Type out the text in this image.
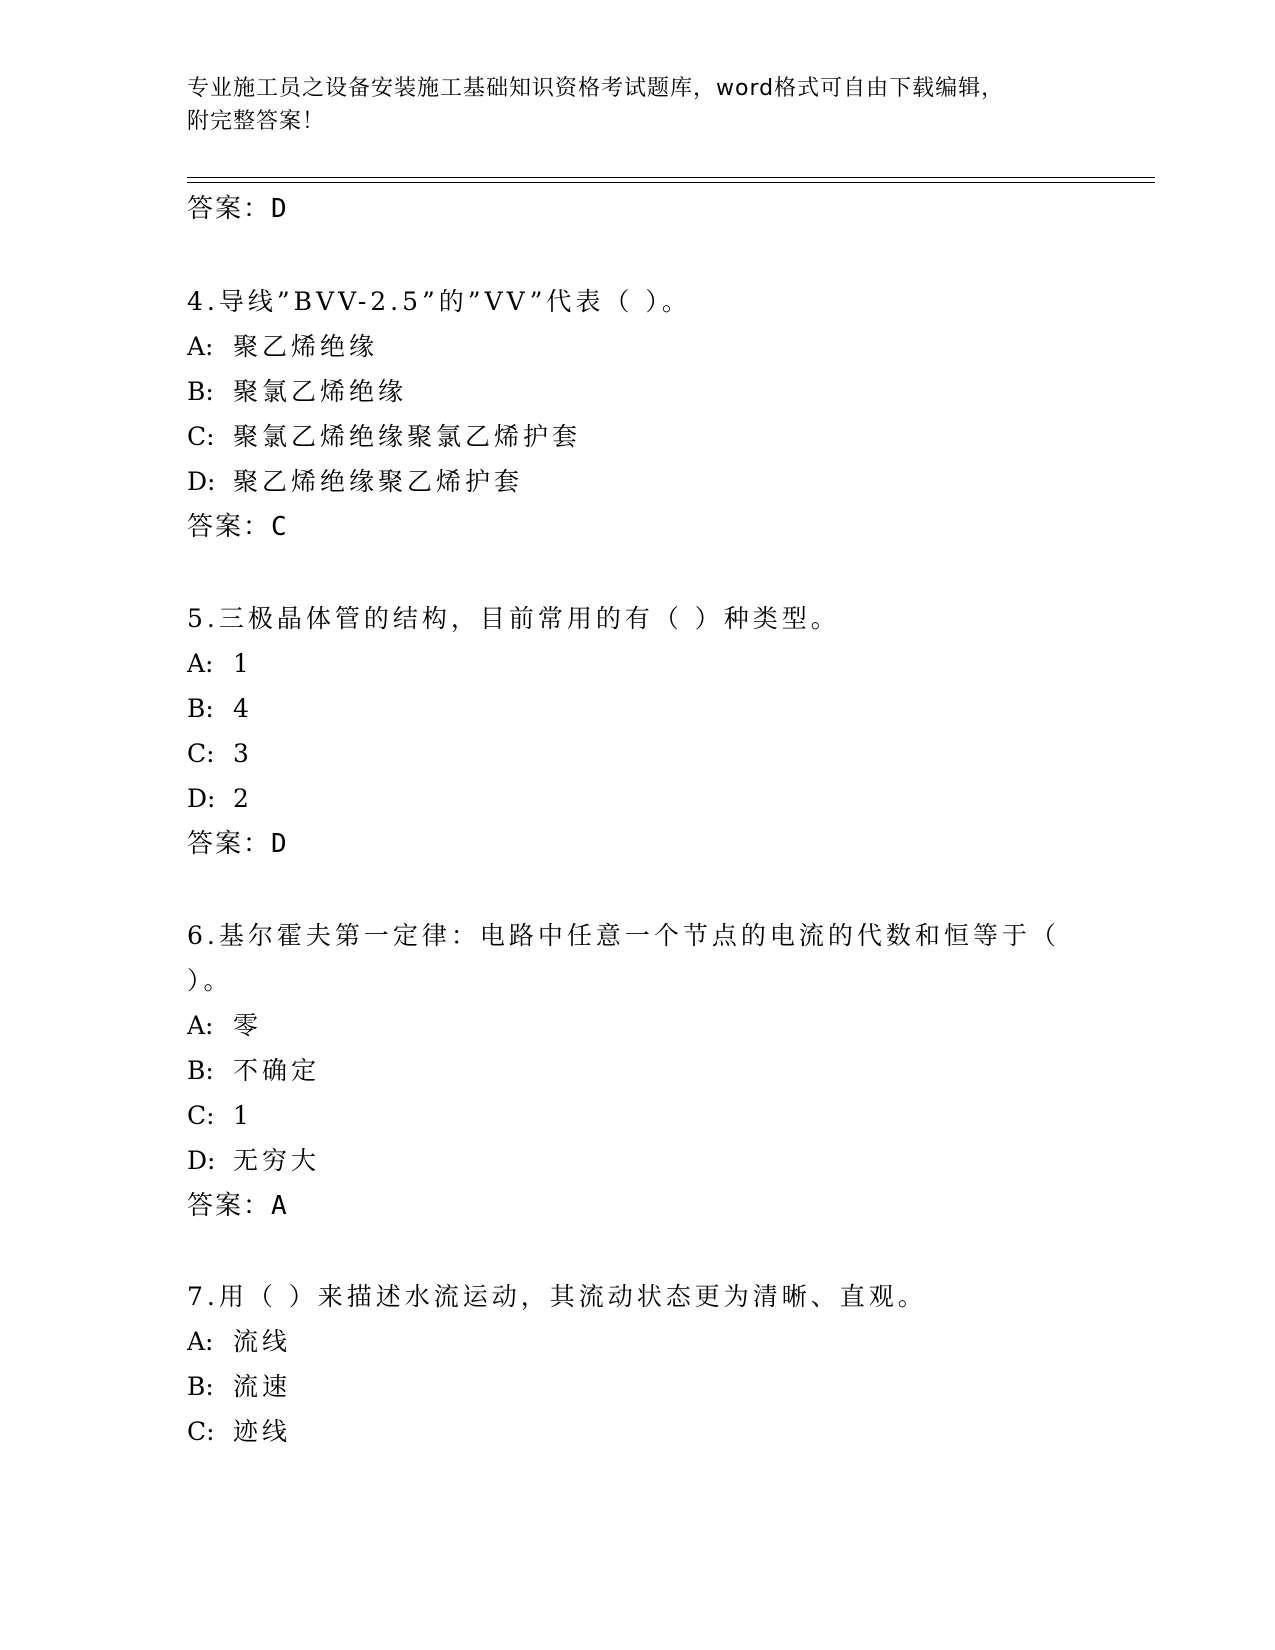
专业施工员之设备安装施工基础知识资格考试题库，word格式可自由下载编辑，
附完整答案！
答案：D
4.导线”BVV-2.5”的”VV”代表（ ）。
A: 聚乙烯绝缘
B: 聚氯乙烯绝缘
C: 聚氯乙烯绝缘聚氯乙烯护套
D: 聚乙烯绝缘聚乙烯护套
答案：C
5.三极晶体管的结构，目前常用的有（ ）种类型。
A: 1
B: 4
C: 3
D: 2
答案：D
6.基尔霍夫第一定律：电路中任意一个节点的电流的代数和恒等于（
）。
A: 零
B: 不确定
C: 1
D: 无穷大
答案：A
7.用（ ）来描述水流运动，其流动状态更为清晰、直观。
A: 流线
B: 流速
C: 迹线
